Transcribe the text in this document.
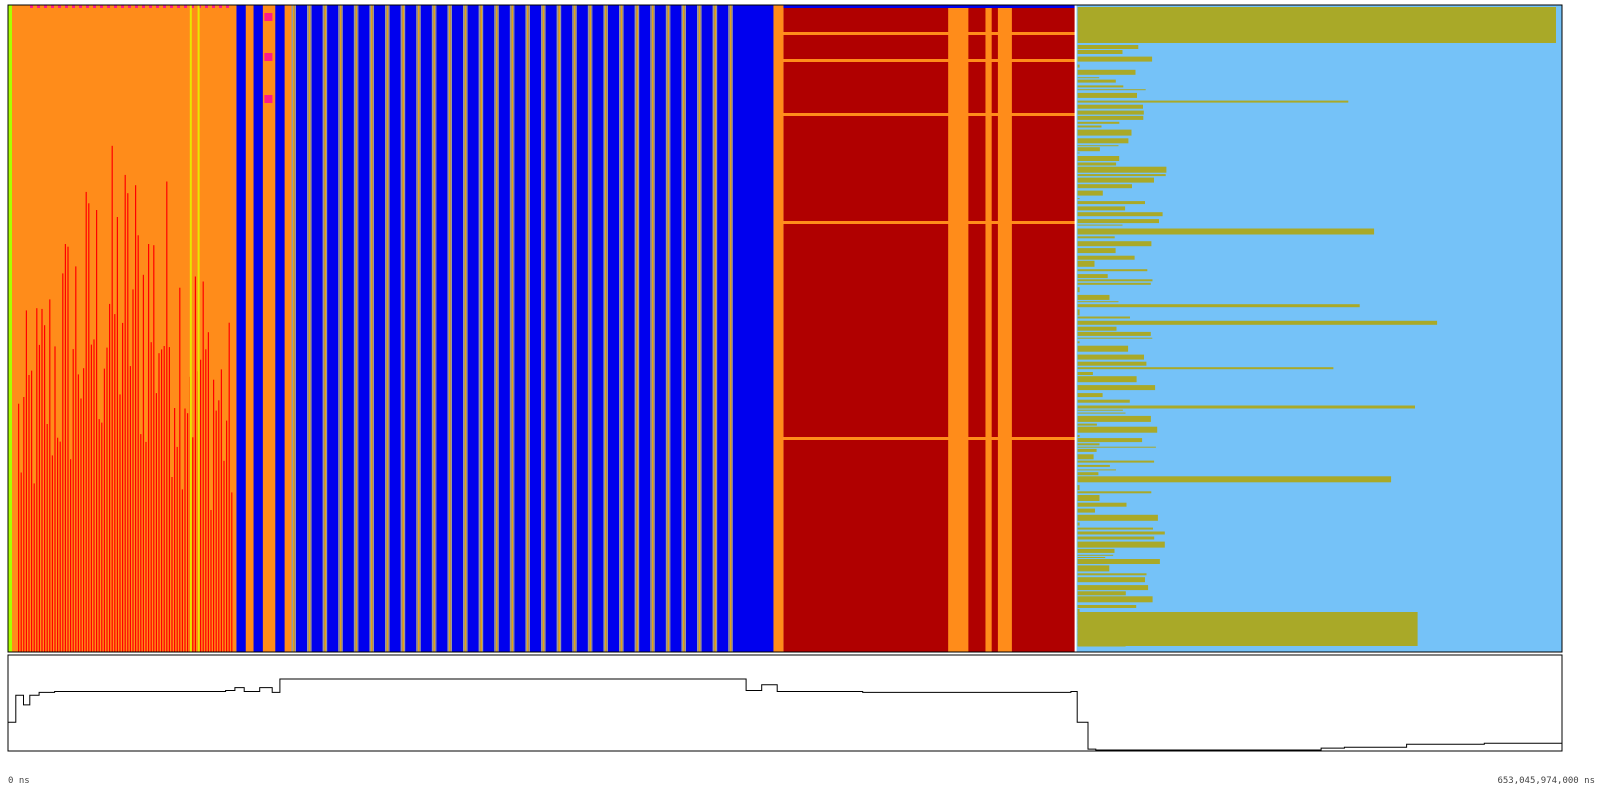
0 ns	653,045,974,000 ns
